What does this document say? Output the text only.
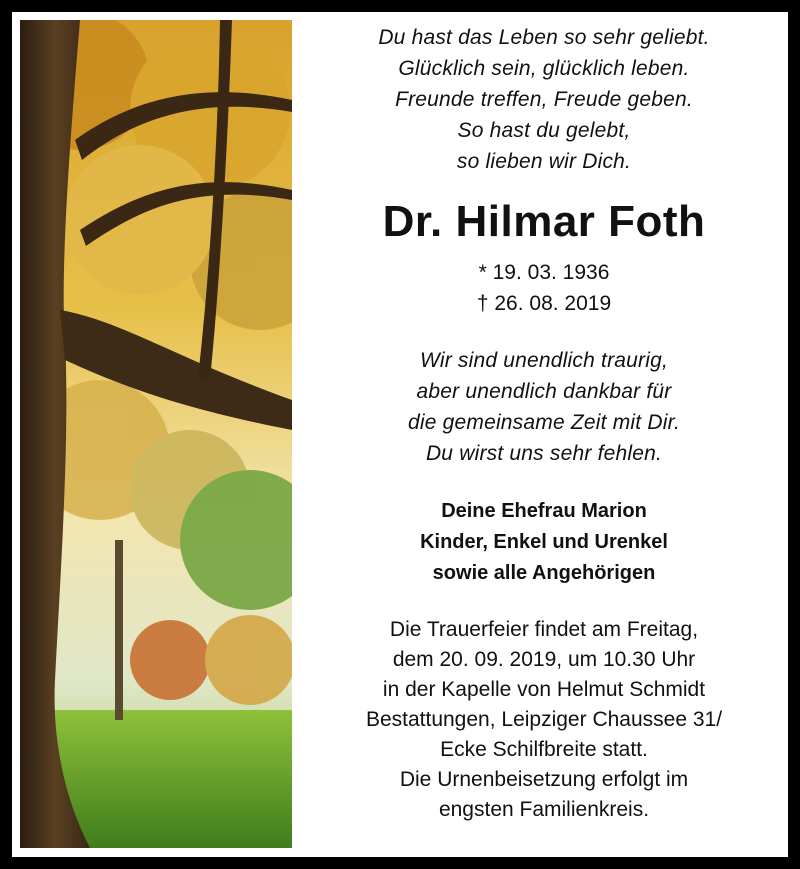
Du hast das Leben so sehr geliebt.
Glücklich sein, glücklich leben.
Freunde treffen, Freude geben.
So hast du gelebt,
so lieben wir Dich.
Dr. Hilmar Foth
* 19. 03. 1936
† 26. 08. 2019
Wir sind unendlich traurig,
aber unendlich dankbar für
die gemeinsame Zeit mit Dir.
Du wirst uns sehr fehlen.
Deine Ehefrau Marion
Kinder, Enkel und Urenkel
sowie alle Angehörigen
Die Trauerfeier findet am Freitag,
dem 20. 09. 2019, um 10.30 Uhr
in der Kapelle von Helmut Schmidt
Bestattungen, Leipziger Chaussee 31/
Ecke Schilfbreite statt.
Die Urnenbeisetzung erfolgt im
engsten Familienkreis.
